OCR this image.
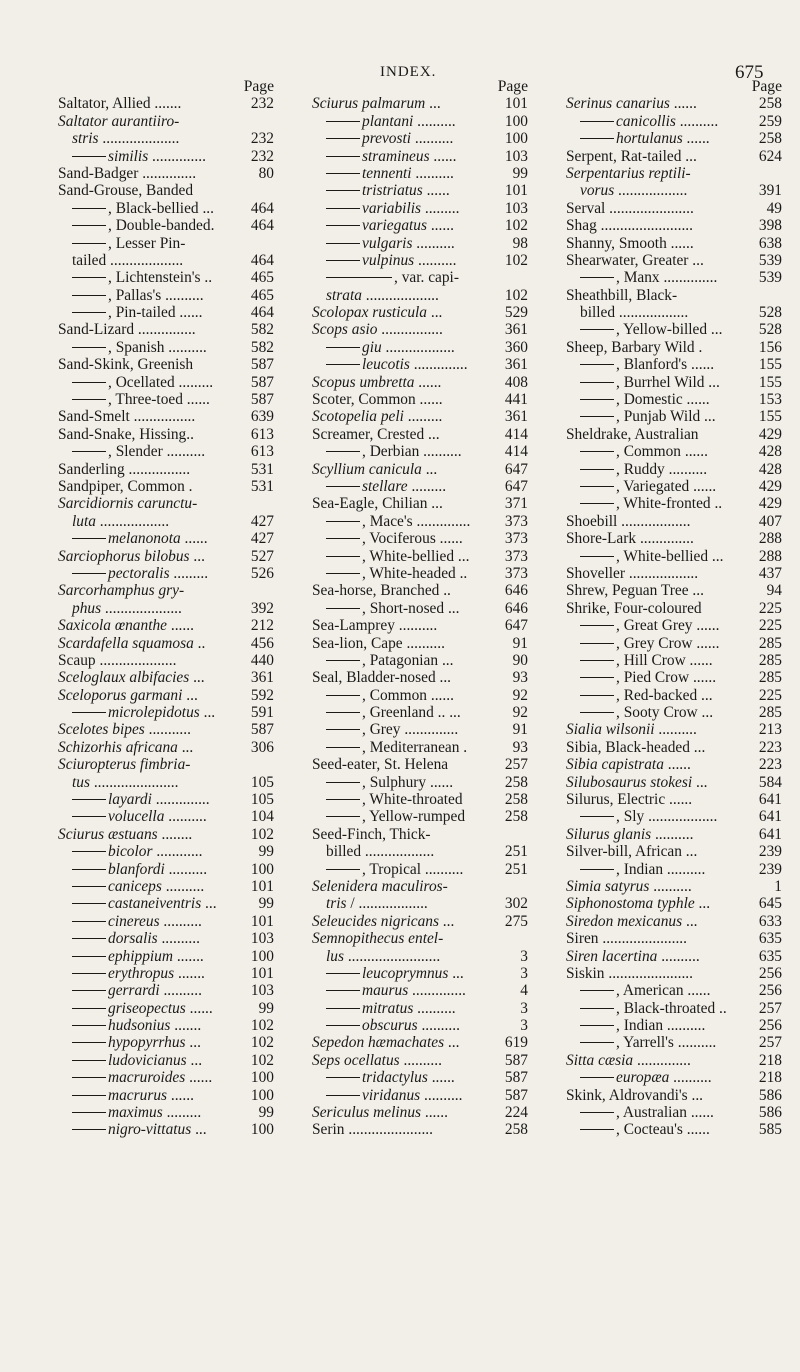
INDEX.	675
Page
Saltator, Allied .......	232
Saltator aurantiiro-
stris ....................	232
similis ..............	232
Sand-Badger ..............	80
Sand-Grouse, Banded
, Black-bellied ... 464
, Double-banded. 464
, Lesser Pin-
tailed ...................	464
, Lichtenstein's ..	465
, Pallas's ..........	465
, Pin-tailed ......	464
Sand-Lizard ...............	582
, Spanish ..........	582
Sand-Skink, Greenish	587
, Ocellated ......... 587
, Three-toed ......	587
Sand-Smelt ................	639
Sand-Snake, Hissing..	613
, Slender ..........	613
Sanderling ................	531
Sandpiper, Common .	531
Sarcidiornis carunctu-
luta ..................	427
melanonota ......	427
Sarciophorus bilobus ...	527
pectoralis .........	526
Sarcorhamphus gry-
phus ....................	392
Saxicola œnanthe ......	212
Scardafella squamosa ..	456
Scaup ....................	440
Sceloglaux albifacies ...	361
Sceloporus garmani ...	592
microlepidotus ... 591
Scelotes bipes ...........	587
Schizorhis africana ...	306
Sciuropterus fimbria-
tus ......................	105
layardi ..............	105
volucella ..........	104
Sciurus æstuans ........	102
bicolor ............	99
blanfordi ..........	100
caniceps ..........	101
castaneiventris ...	99
cinereus ..........	101
dorsalis ..........	103
ephippium .......	100
erythropus .......	101
gerrardi ..........	103
griseopectus ......	99
hudsonius .......	102
hypopyrrhus ...	102
ludovicianus ...	102
macruroides ......	100
macrurus ......	100
maximus .........	99
nigro-vittatus ...	100
Page
Sciurus palmarum ...	101
plantani ..........	100
prevosti ..........	100
stramineus ......	103
tennenti ..........	99
tristriatus ......	101
variabilis .........	103
variegatus ......	102
vulgaris ..........	98
vulpinus ..........	102
, var. capi-
strata ...................	102
Scolopax rusticula ...	529
Scops asio ................	361
giu ..................	360
leucotis .............. 361
Scopus umbretta ......	408
Scoter, Common ......	441
Scotopelia peli .........	361
Screamer, Crested ...	414
, Derbian ..........	414
Scyllium canicula ...	647
stellare .........	647
Sea-Eagle, Chilian ...	371
, Mace's .............. 373
, Vociferous ......	373
, White-bellied ... 373
, White-headed .. 373
Sea-horse, Branched ..	646
, Short-nosed ...	646
Sea-Lamprey ..........	647
Sea-lion, Cape ..........	91
, Patagonian ...	90
Seal, Bladder-nosed ...	93
, Common ......	92
, Greenland .. ...	92
, Grey ..............	91
, Mediterranean .	93
Seed-eater, St. Helena	257
, Sulphury ......	258
, White-throated	258
, Yellow-rumped	258
Seed-Finch, Thick-
billed ..................	251
, Tropical ..........	251
Selenidera maculiros-
tris / ..................	302
Seleucides nigricans ...	275
Semnopithecus entel-
lus ........................	3
leucoprymnus ...	3
maurus ..............	4
mitratus ..........	3
obscurus ..........	3
Sepedon hæmachates ...	619
Seps ocellatus ..........	587
tridactylus ......	587
viridanus ..........	587
Sericulus melinus ......	224
Serin ......................	258
Page
Serinus canarius ......	258
canicollis ..........	259
hortulanus ......	258
Serpent, Rat-tailed ...	624
Serpentarius reptili-
vorus ..................	391
Serval ......................	49
Shag ........................	398
Shanny, Smooth ......	638
Shearwater, Greater ...	539
, Manx ..............	539
Sheathbill, Black-
billed ..................	528
, Yellow-billed ... 528
Sheep, Barbary Wild .	156
, Blanford's ......	155
, Burrhel Wild ...	155
, Domestic ......	153
, Punjab Wild ...	155
Sheldrake, Australian	429
, Common ......	428
, Ruddy ..........	428
, Variegated ......	429
, White-fronted .. 429
Shoebill ..................	407
Shore-Lark ..............	288
, White-bellied ... 288
Shoveller ..................	437
Shrew, Peguan Tree ...	94
Shrike, Four-coloured	225
, Great Grey ......	225
, Grey Crow ......	285
, Hill Crow ......	285
, Pied Crow ......	285
, Red-backed ...	225
, Sooty Crow ...	285
Sialia wilsonii ..........	213
Sibia, Black-headed ...	223
Sibia capistrata ......	223
Silubosaurus stokesi ...	584
Silurus, Electric ......	641
, Sly ..................	641
Silurus glanis ..........	641
Silver-bill, African ...	239
, Indian ..........	239
Simia satyrus ..........	1
Siphonostoma typhle ...	645
Siredon mexicanus ...	633
Siren ......................	635
Siren lacertina ..........	635
Siskin ......................	256
, American ......	256
, Black-throated .. 257
, Indian ..........	256
, Yarrell's ..........	257
Sitta cæsia ..............	218
europæa ..........	218
Skink, Aldrovandi's ...	586
, Australian ......	586
, Cocteau's ......	585
